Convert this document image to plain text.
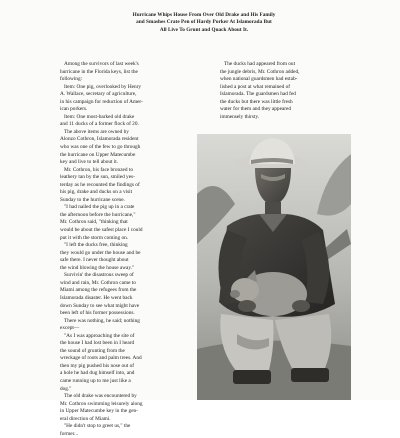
Hurricane Whips House From Over Old Drake and His Family
and Smashes Crate Pen of Hardy Porker At Islamorada But
All Live To Grunt and Quack About It.
Among the survivors of last week's
hurricane in the Florida keys, list the
following:
Item: One pig, overlooked by Henry
A. Wallace, secretary of agriculture,
in his campaign for reduction of Amer-
ican porkers.
Item: One most-barked old drake
and 11 ducks of a former flock of 20.
The above items are owned by
Alonzo Cothron, Islamorada resident
who was one of the few to go through
the hurricane on Upper Matecumbe
key and live to tell about it.
Mr. Cothron, his face bronzed to
leathery tan by the sun, smiled yes-
terday as he recounted the findings of
his pig, drake and ducks on a visit
Sunday to the hurricane scene.
"I had nailed the pig up in a crate
the afternoon before the hurricane,"
Mr. Cothron said, "thinking that
would be about the safest place I could
put it with the storm coming on.
"I left the ducks free, thinking
they would go under the house and be
safe there. I never thought about
the wind blowing the house away."
Survivin' the disastrous sweep of
wind and rain, Mr. Cothron came to
Miami among the refugees from the
Islamorada disaster. He went back
down Sunday to see what might have
been left of his former possessions.
There was nothing, he said; nothing
except—
"As I was approaching the site of
the house I had lost been in I heard
the sound of grunting from the
wreckage of roots and palm trees. And
then my pig pushed his nose out of
a hole he had dug himself into, and
came running up to me just like a
dog."
The old drake was encountered by
Mr. Cothron swimming leisurely along
in Upper Matecumbe key in the gen-
eral direction of Miami.
"He didn't stop to greet us," the
former...
The ducks had appeared from out
the jungle debris, Mr. Cothron added,
when national guardsmen had estab-
lished a post at what remained of
Islamorada. The guardsmen had fed
the ducks but there was little fresh
water for them and they appeared
immensely thirsty.
